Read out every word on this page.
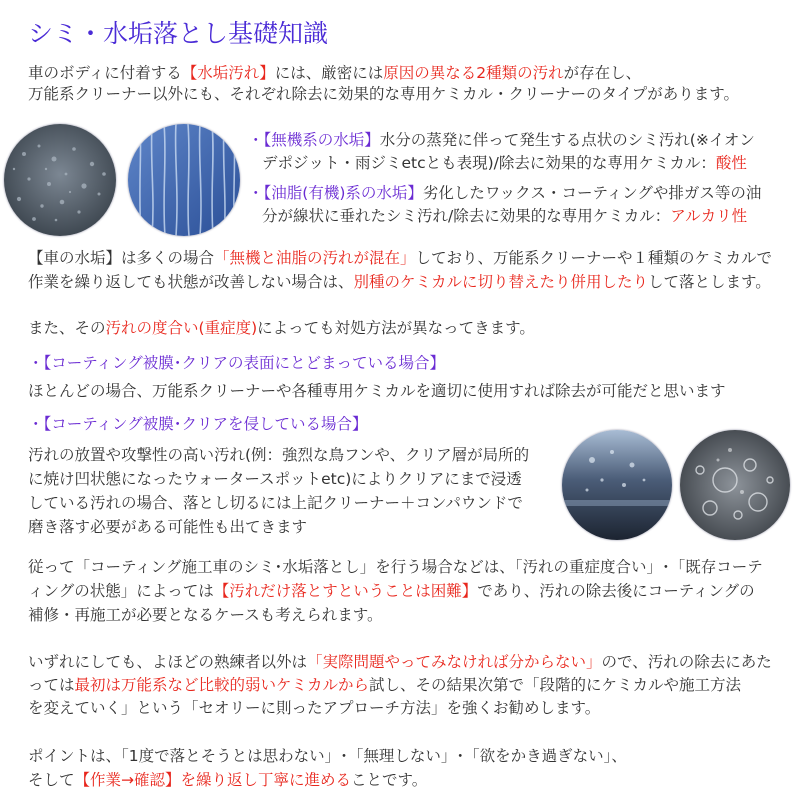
シミ・水垢落とし基礎知識
車のボディに付着する【水垢汚れ】には、厳密には原因の異なる2種類の汚れが存在し、
万能系クリーナー以外にも、それぞれ除去に効果的な専用ケミカル・クリーナーのタイプがあります。
・【無機系の水垢】水分の蒸発に伴って発生する点状のシミ汚れ(※イオン
デポジット・雨ジミetcとも表現)/除去に効果的な専用ケミカル：酸性
・【油脂(有機)系の水垢】劣化したワックス・コーティングや排ガス等の油
分が線状に垂れたシミ汚れ/除去に効果的な専用ケミカル：アルカリ性
【車の水垢】は多くの場合「無機と油脂の汚れが混在」しており、万能系クリーナーや１種類のケミカルで
作業を繰り返しても状態が改善しない場合は、別種のケミカルに切り替えたり併用したりして落とします。
また、その汚れの度合い(重症度)によっても対処方法が異なってきます。
・【コーティング被膜･クリアの表面にとどまっている場合】
ほとんどの場合、万能系クリーナーや各種専用ケミカルを適切に使用すれば除去が可能だと思います
・【コーティング被膜･クリアを侵している場合】
汚れの放置や攻撃性の高い汚れ(例：強烈な鳥フンや、クリア層が局所的
に焼け凹状態になったウォータースポットetc)によりクリアにまで浸透
している汚れの場合、落とし切るには上記クリーナー＋コンパウンドで
磨き落す必要がある可能性も出てきます
従って「コーティング施工車のシミ･水垢落とし」を行う場合などは、「汚れの重症度合い」･「既存コーテ
ィングの状態」によっては【汚れだけ落とすということは困難】であり、汚れの除去後にコーティングの
補修・再施工が必要となるケースも考えられます。
いずれにしても、よほどの熟練者以外は「実際問題やってみなければ分からない」ので、汚れの除去にあた
っては最初は万能系など比較的弱いケミカルから試し、その結果次第で「段階的にケミカルや施工方法
を変えていく」という「セオリーに則ったアプローチ方法」を強くお勧めします。
ポイントは、「1度で落とそうとは思わない」･「無理しない」･「欲をかき過ぎない」、
そして【作業→確認】を繰り返し丁寧に進めることです。
